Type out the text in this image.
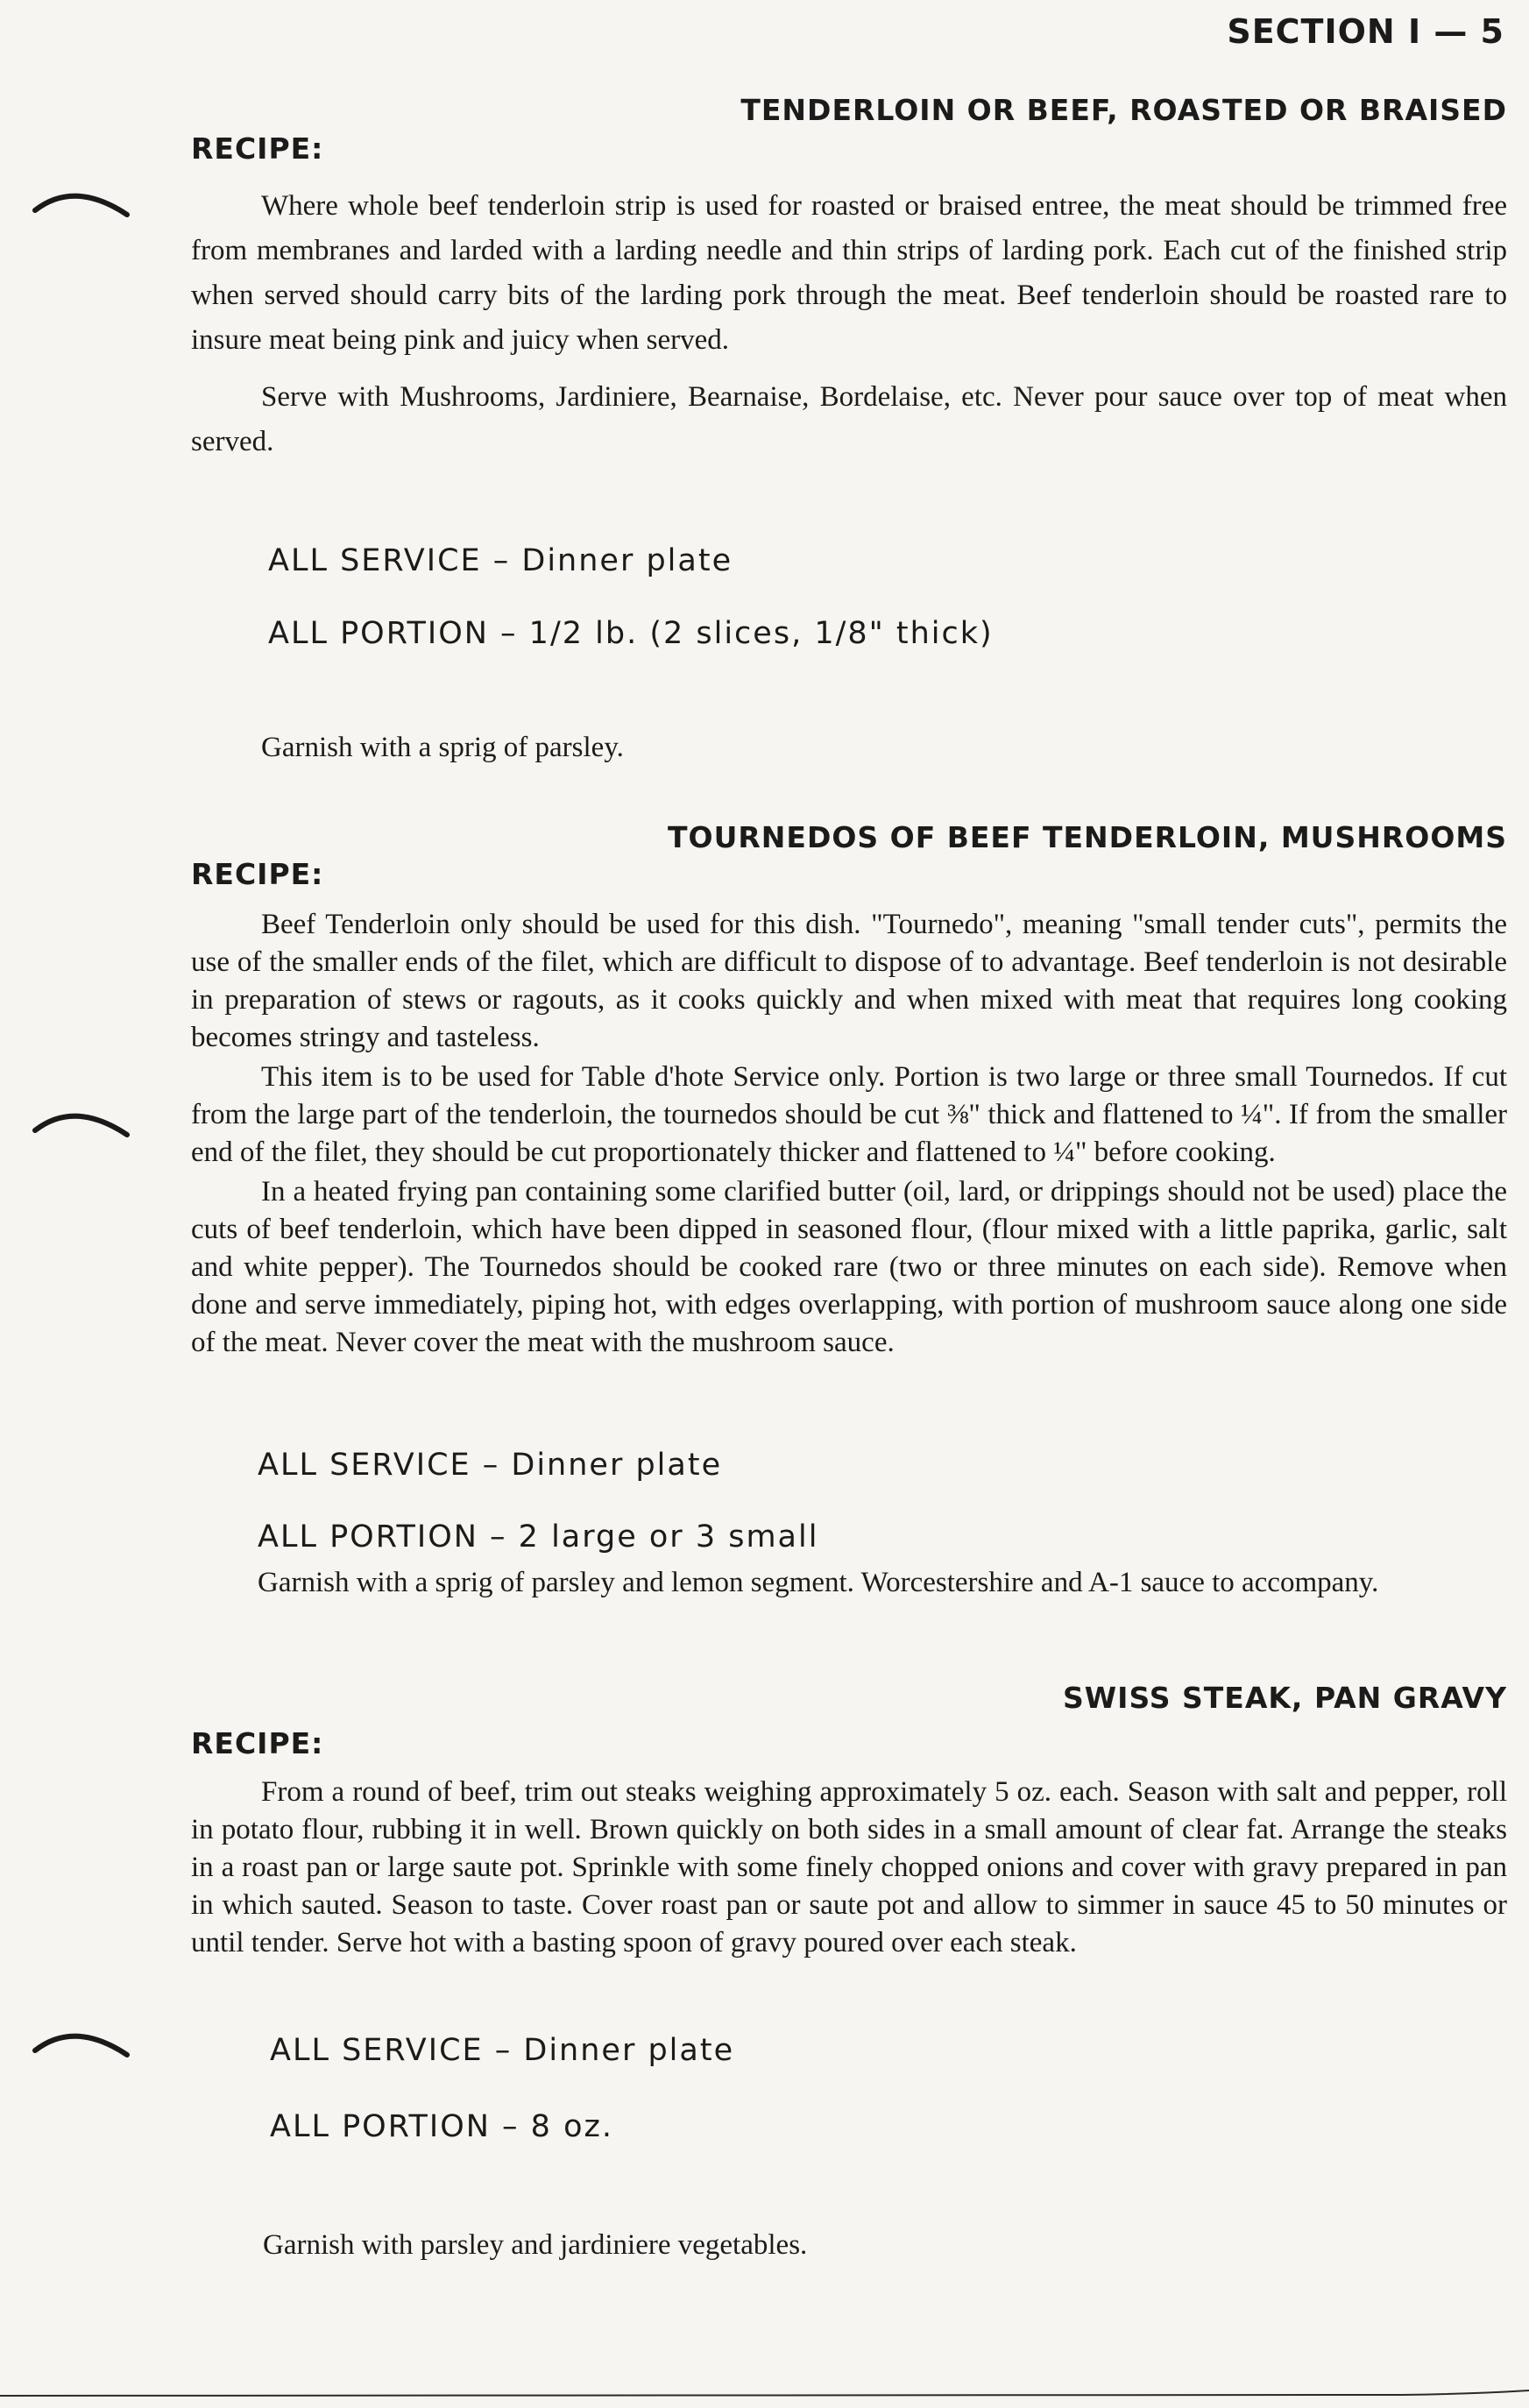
SECTION I — 5
TENDERLOIN OR BEEF, ROASTED OR BRAISED
RECIPE:

Where whole beef tenderloin strip is used for roasted or braised entree, the meat should be trimmed free from membranes and larded with a larding needle and thin strips of larding pork. Each cut of the finished strip when served should carry bits of the larding pork through the meat. Beef tenderloin should be roasted rare to insure meat being pink and juicy when served.

Serve with Mushrooms, Jardiniere, Bearnaise, Bordelaise, etc. Never pour sauce over top of meat when served.

ALL SERVICE – Dinner plate
ALL PORTION – 1/2 lb. (2 slices, 1/8" thick)

Garnish with a sprig of parsley.

TOURNEDOS OF BEEF TENDERLOIN, MUSHROOMS
RECIPE:

Beef Tenderloin only should be used for this dish. "Tournedo", meaning "small tender cuts", permits the use of the smaller ends of the filet, which are difficult to dispose of to advantage. Beef tenderloin is not desirable in preparation of stews or ragouts, as it cooks quickly and when mixed with meat that requires long cooking becomes stringy and tasteless.

This item is to be used for Table d'hote Service only. Portion is two large or three small Tournedos. If cut from the large part of the tenderloin, the tournedos should be cut ⅜" thick and flattened to ¼". If from the smaller end of the filet, they should be cut proportionately thicker and flattened to ¼" before cooking.

In a heated frying pan containing some clarified butter (oil, lard, or drippings should not be used) place the cuts of beef tenderloin, which have been dipped in seasoned flour, (flour mixed with a little paprika, garlic, salt and white pepper). The Tournedos should be cooked rare (two or three minutes on each side). Remove when done and serve immediately, piping hot, with edges overlapping, with portion of mushroom sauce along one side of the meat. Never cover the meat with the mushroom sauce.

ALL SERVICE – Dinner plate
ALL PORTION – 2 large or 3 small

Garnish with a sprig of parsley and lemon segment. Worcestershire and A-1 sauce to accompany.

SWISS STEAK, PAN GRAVY
RECIPE:

From a round of beef, trim out steaks weighing approximately 5 oz. each. Season with salt and pepper, roll in potato flour, rubbing it in well. Brown quickly on both sides in a small amount of clear fat. Arrange the steaks in a roast pan or large saute pot. Sprinkle with some finely chopped onions and cover with gravy prepared in pan in which sauted. Season to taste. Cover roast pan or saute pot and allow to simmer in sauce 45 to 50 minutes or until tender. Serve hot with a basting spoon of gravy poured over each steak.

ALL SERVICE – Dinner plate
ALL PORTION – 8 oz.

Garnish with parsley and jardiniere vegetables.
